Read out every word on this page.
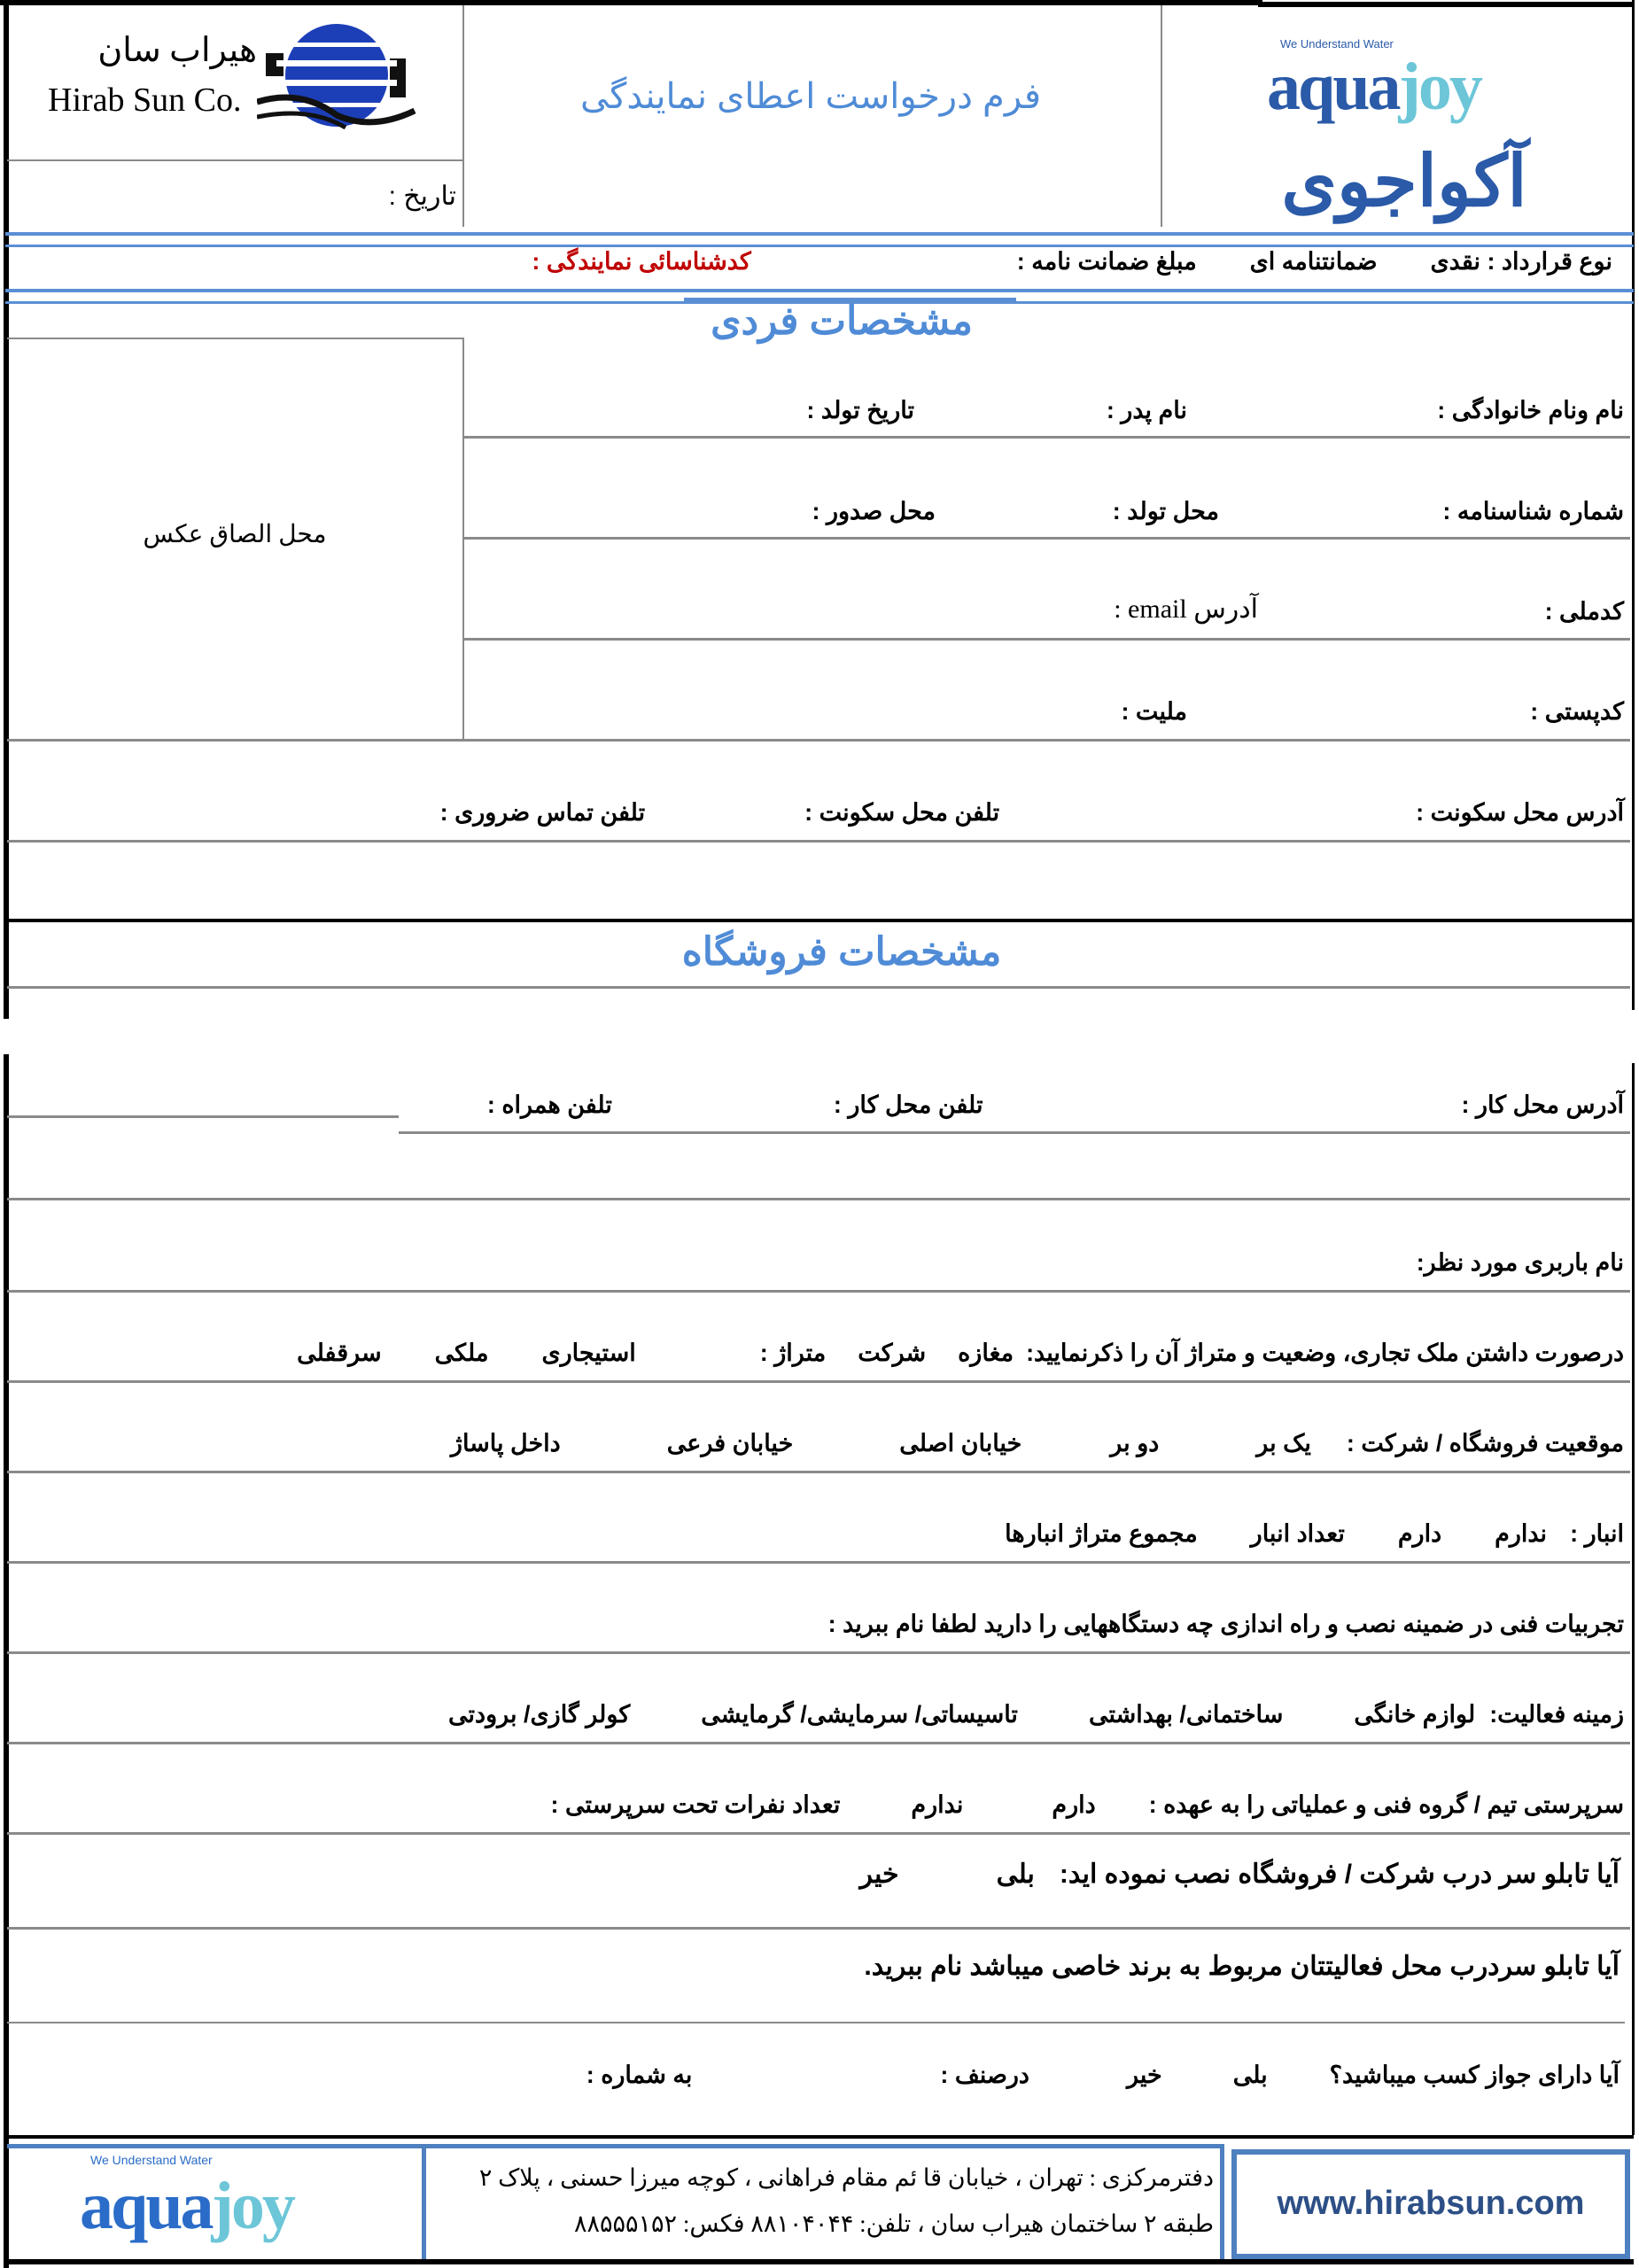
هیراب سان
Hirab Sun Co.	فرم درخواست اعطای نمایندگی
تاریخ :
We Understand Water
aquajoy
آکواجوی
نوع قرارداد : نقدی
ضمانتنامه ای
مبلغ ضمانت نامه :
کدشناسائی نمایندگی :
مشخصات فردی
محل الصاق عکس
نام ونام خانوادگی :
نام پدر :
تاریخ تولد :
شماره شناسنامه :
محل تولد :
محل صدور :
کدملی :
آدرس email :
کدپستی :
ملیت :
آدرس محل سکونت :
تلفن محل سکونت :
تلفن تماس ضروری :
مشخصات فروشگاه
آدرس محل کار :
تلفن محل کار :
تلفن همراه :
نام باربری مورد نظر:
درصورت داشتن ملک تجاری، وضعیت و متراژ آن را ذکرنمایید:
مغازه
شرکت
متراژ :
استیجاری
ملکی
سرقفلی
موقعیت فروشگاه / شرکت :
یک بر
دو بر
خیابان اصلی
خیابان فرعی
داخل پاساژ
انبار :
ندارم
دارم
تعداد انبار
مجموع متراژ انبارها
تجربیات فنی در ضمینه نصب و راه اندازی چه دستگاههایی را دارید لطفا نام ببرید :
زمینه فعالیت:
لوازم خانگی
ساختمانی/ بهداشتی
تاسیساتی/ سرمایشی/ گرمایشی
کولر گازی/ برودتی
سرپرستی تیم / گروه فنی و عملیاتی را به عهده :
دارم
ندارم
تعداد نفرات تحت سرپرستی :
آیا تابلو سر درب شرکت / فروشگاه نصب نموده اید:
بلی
خیر
آیا تابلو سردرب محل فعالیتتان مربوط به برند خاصی میباشد نام ببرید.
آیا دارای جواز کسب میباشید؟
بلی
خیر
درصنف :
به شماره :
We Understand Water
aquajoy	دفترمرکزی : تهران ، خیابان قا ئم مقام فراهانی ، کوچه میرزا حسنی ، پلاک ۲
طبقه ۲ ساختمان هیراب سان ، تلفن: ۸۸۱۰۴۰۴۴ فکس: ۸۸۵۵۵۱۵۲
www.hirabsun.com
